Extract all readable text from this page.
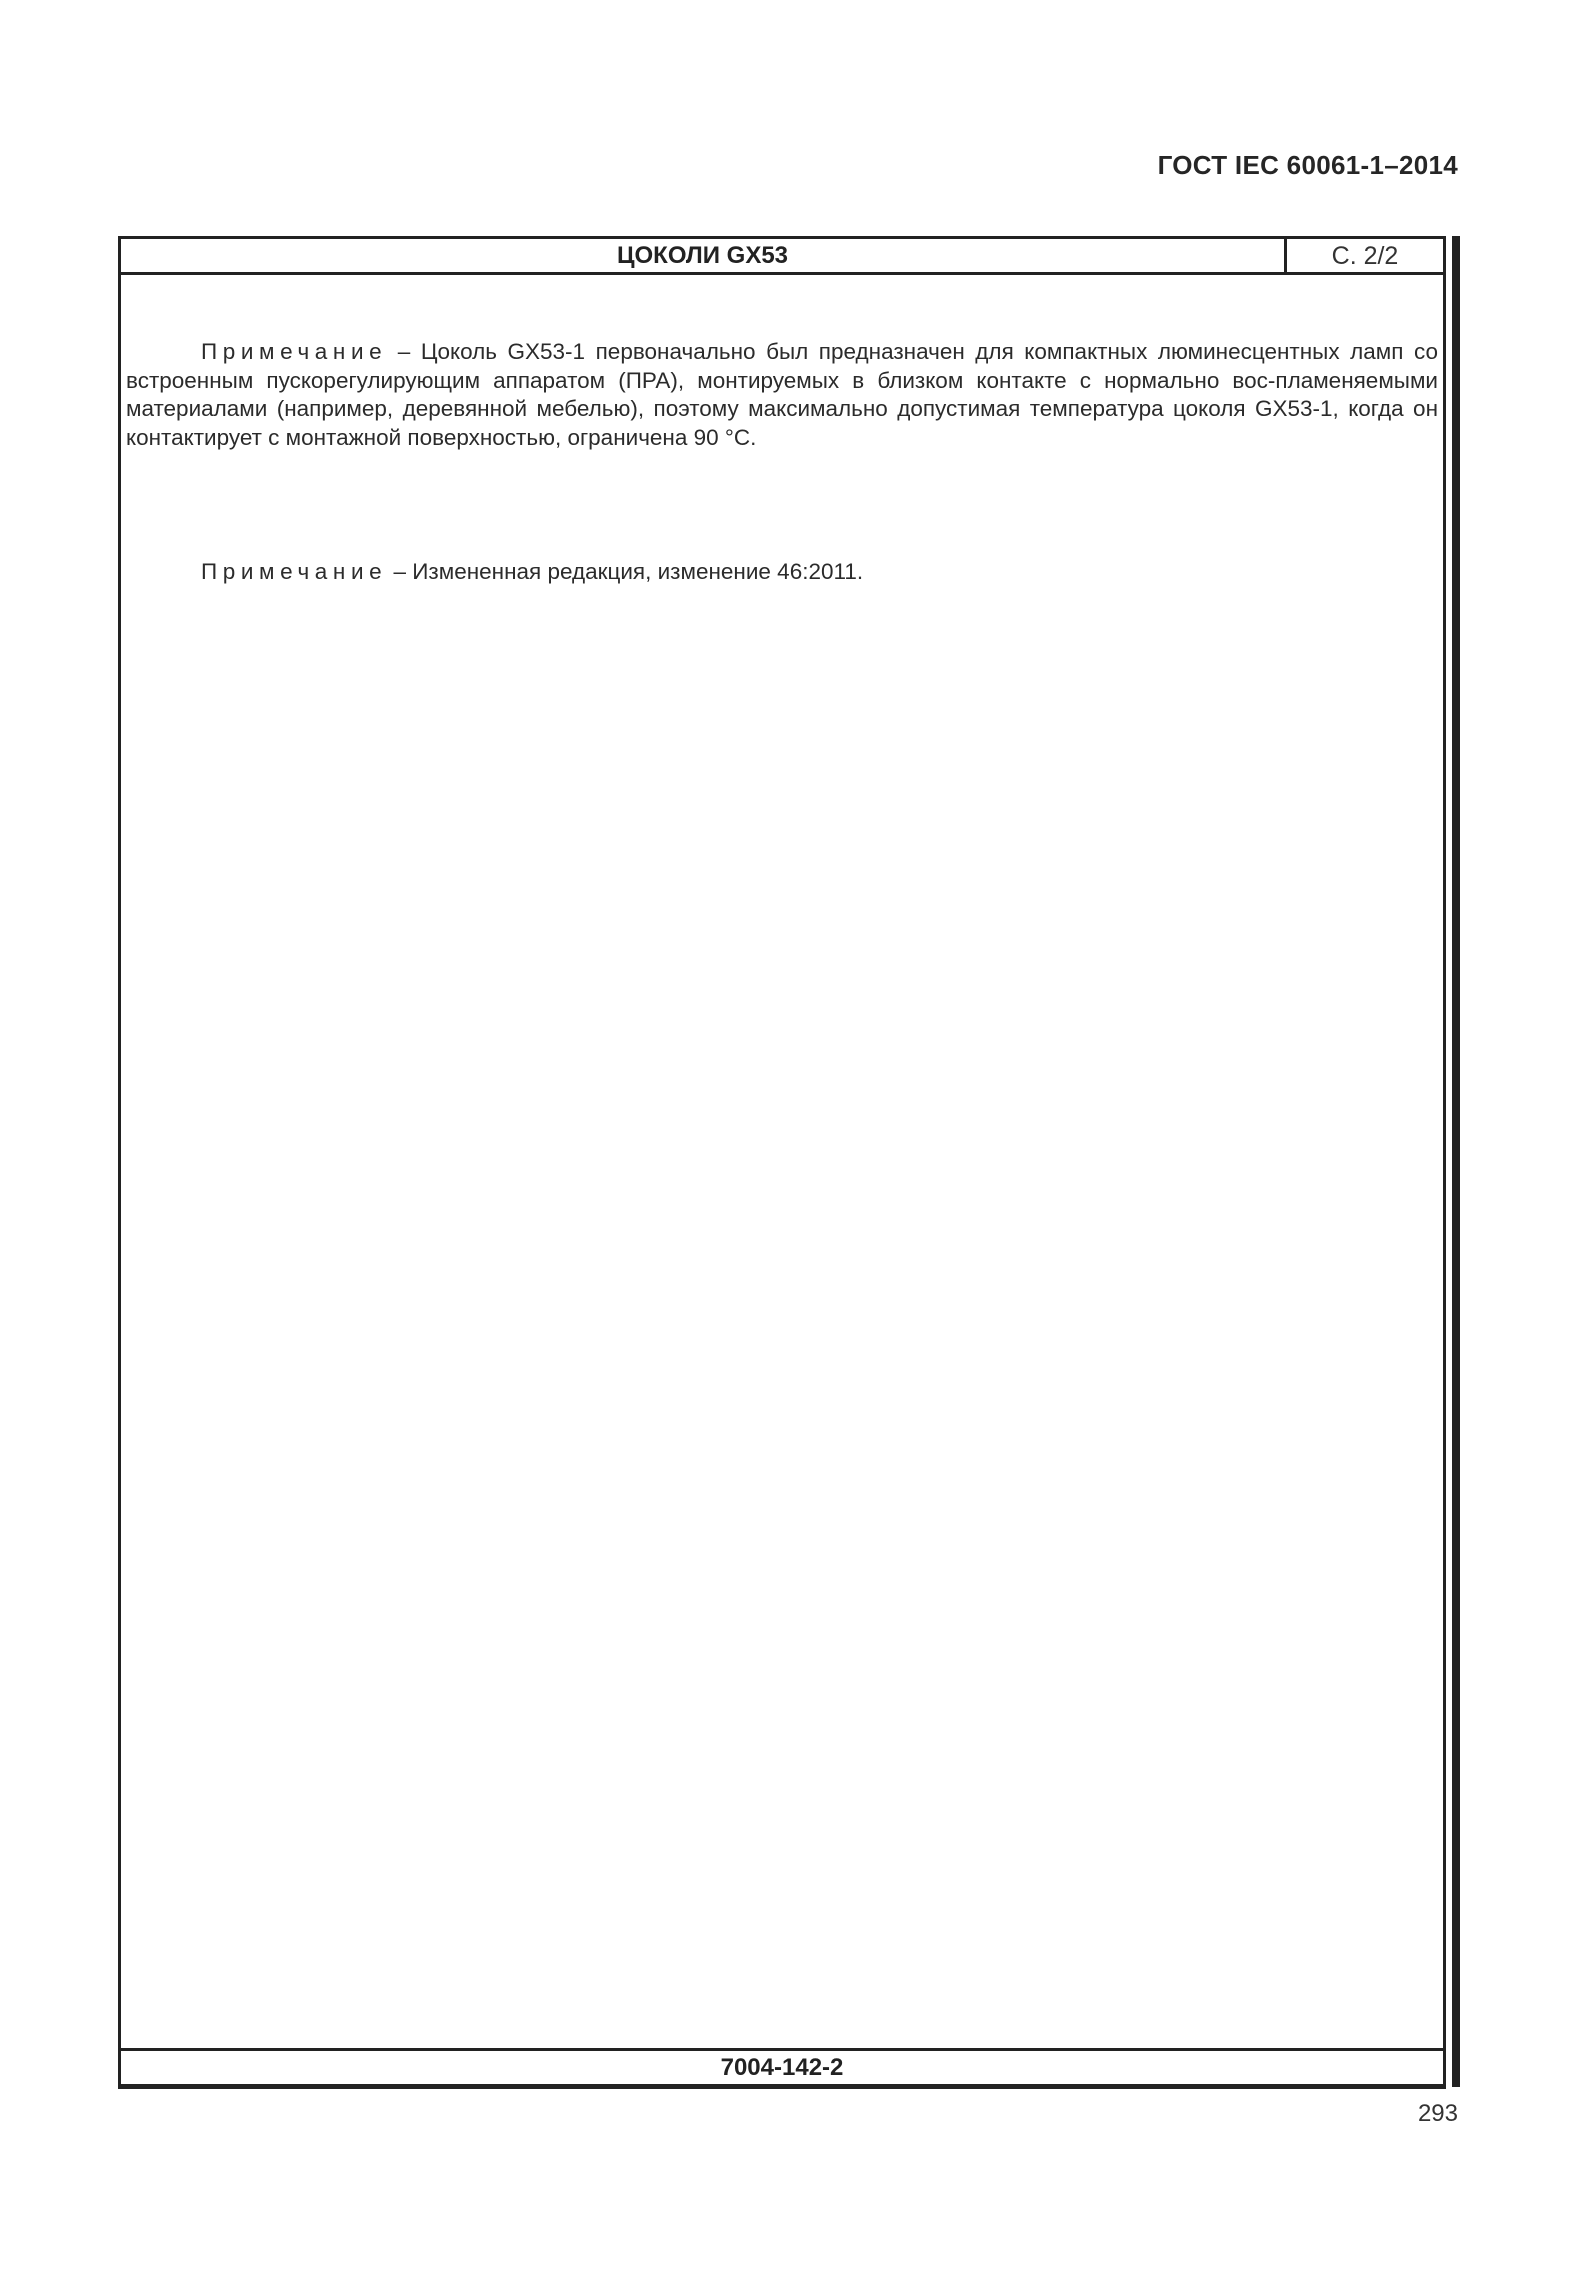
ГОСТ IEC 60061-1–2014
ЦОКОЛИ GX53	С. 2/2
Примечание – Цоколь GX53-1 первоначально был предназначен для компактных люминесцентных ламп со встроенным пускорегулирующим аппаратом (ПРА), монтируемых в близком контакте с нормально вос-пламеняемыми материалами (например, деревянной мебелью), поэтому максимально допустимая температура цоколя GX53-1, когда он контактирует с монтажной поверхностью, ограничена 90 °С.
Примечание – Измененная редакция, изменение 46:2011.
7004-142-2
293
